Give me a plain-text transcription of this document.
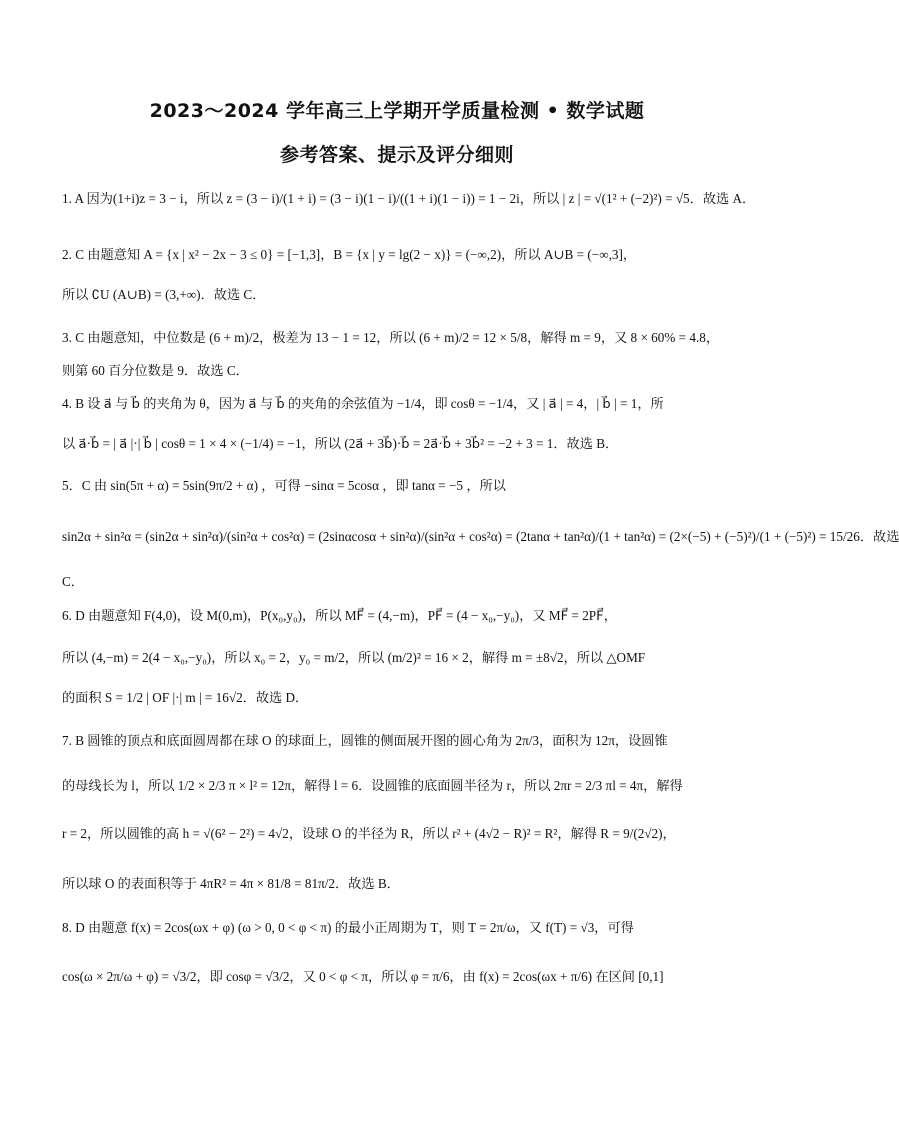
2023～2024 学年高三上学期开学质量检测 • 数学试题
参考答案、提示及评分细则
1. A 因为(1+i)z = 3 − i，所以 z = (3 − i)/(1 + i) = (3 − i)(1 − i)/((1 + i)(1 − i)) = 1 − 2i，所以 | z | = √(1² + (−2)²) = √5．故选 A．
2. C 由题意知 A = {x | x² − 2x − 3 ≤ 0} = [−1,3]，B = {x | y = lg(2 − x)} = (−∞,2)，所以 A∪B = (−∞,3]，
所以 ∁U (A∪B) = (3,+∞)．故选 C．
3. C 由题意知，中位数是 (6 + m)/2，极差为 13 − 1 = 12，所以 (6 + m)/2 = 12 × 5/8，解得 m = 9，又 8 × 60% = 4.8，
则第 60 百分位数是 9．故选 C．
4. B 设 a⃗ 与 b⃗ 的夹角为 θ，因为 a⃗ 与 b⃗ 的夹角的余弦值为 −1/4，即 cosθ = −1/4，又 | a⃗ | = 4，| b⃗ | = 1，所
以 a⃗·b⃗ = | a⃗ |·| b⃗ | cosθ = 1 × 4 × (−1/4) = −1，所以 (2a⃗ + 3b⃗)·b⃗ = 2a⃗·b⃗ + 3b⃗² = −2 + 3 = 1．故选 B．
5．C 由 sin(5π + α) = 5sin(9π/2 + α) ，可得 −sinα = 5cosα ，即 tanα = −5 ，所以
sin2α + sin²α = (sin2α + sin²α)/(sin²α + cos²α) = (2sinαcosα + sin²α)/(sin²α + cos²α) = (2tanα + tan²α)/(1 + tan²α) = (2×(−5) + (−5)²)/(1 + (−5)²) = 15/26．故选
C．
6. D 由题意知 F(4,0)，设 M(0,m)，P(x₀,y₀)，所以 MF⃗ = (4,−m)，PF⃗ = (4 − x₀,−y₀)，又 MF⃗ = 2PF⃗，
所以 (4,−m) = 2(4 − x₀,−y₀)，所以 x₀ = 2，y₀ = m/2，所以 (m/2)² = 16 × 2，解得 m = ±8√2，所以 △OMF
的面积 S = 1/2 | OF |·| m | = 16√2．故选 D．
7. B 圆锥的顶点和底面圆周都在球 O 的球面上，圆锥的侧面展开图的圆心角为 2π/3，面积为 12π，设圆锥
的母线长为 l，所以 1/2 × 2/3 π × l² = 12π，解得 l = 6．设圆锥的底面圆半径为 r，所以 2πr = 2/3 πl = 4π，解得
r = 2，所以圆锥的高 h = √(6² − 2²) = 4√2，设球 O 的半径为 R，所以 r² + (4√2 − R)² = R²，解得 R = 9/(2√2)，
所以球 O 的表面积等于 4πR² = 4π × 81/8 = 81π/2．故选 B．
8. D 由题意 f(x) = 2cos(ωx + φ) (ω > 0, 0 < φ < π) 的最小正周期为 T，则 T = 2π/ω，又 f(T) = √3，可得
cos(ω × 2π/ω + φ) = √3/2，即 cosφ = √3/2，又 0 < φ < π，所以 φ = π/6，由 f(x) = 2cos(ωx + π/6) 在区间 [0,1]
